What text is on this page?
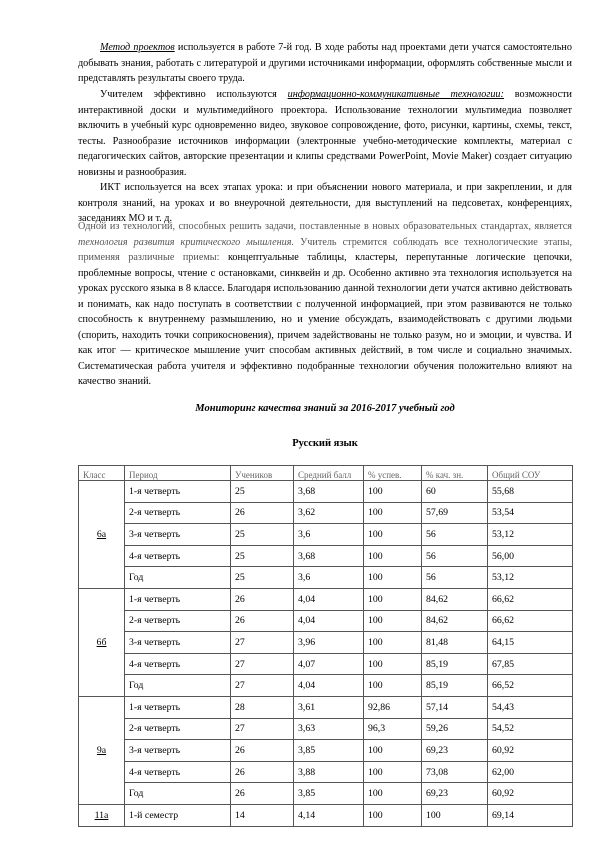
Метод проектов используется в работе 7-й год. В ходе работы над проектами дети учатся самостоятельно добывать знания, работать с литературой и другими источниками информации, оформлять собственные мысли и представлять результаты своего труда.

Учителем эффективно используются информационно-коммуникативные технологии: возможности интерактивной доски и мультимедийного проектора. Использование технологии мультимедиа позволяет включить в учебный курс одновременно видео, звуковое сопровождение, фото, рисунки, картины, схемы, текст, тесты. Разнообразие источников информации (электронные учебно-методические комплекты, материал с педагогических сайтов, авторские презентации и клипы средствами PowerPoint, Movie Maker) создает ситуацию новизны и разнообразия.

ИКТ используется на всех этапах урока: и при объяснении нового материала, и при закреплении, и для контроля знаний, на уроках и во внеурочной деятельности, для выступлений на педсоветах, конференциях, заседаниях МО и т. д.

Одной из технологий, способных решить задачи, поставленные в новых образовательных стандартах, является технология развития критического мышления. Учитель стремится соблюдать все технологические этапы, применяя различные приемы: концептуальные таблицы, кластеры, перепутанные логические цепочки, проблемные вопросы, чтение с остановками, синквейн и др. Особенно активно эта технология используется на уроках русского языка в 8 классе. Благодаря использованию данной технологии дети учатся активно действовать и понимать, как надо поступать в соответствии с полученной информацией, при этом развиваются не только способность к внутреннему размышлению, но и умение обсуждать, взаимодействовать с другими людьми (спорить, находить точки соприкосновения), причем задействованы не только разум, но и эмоции, и чувства. И как итог — критическое мышление учит способам активных действий, в том числе и социально значимых. Систематическая работа учителя и эффективно подобранные технологии обучения положительно влияют на качество знаний.

Мониторинг качества знаний за 2016-2017 учебный год

Русский язык

Класс	Период	Учеников	Средний балл	% успев.	% кач. зн.	Общий СОУ
6а	1-я четверть	25	3,68	100	60	55,68
	2-я четверть	26	3,62	100	57,69	53,54
	3-я четверть	25	3,6	100	56	53,12
	4-я четверть	25	3,68	100	56	56,00
	Год	25	3,6	100	56	53,12
6б	1-я четверть	26	4,04	100	84,62	66,62
	2-я четверть	26	4,04	100	84,62	66,62
	3-я четверть	27	3,96	100	81,48	64,15
	4-я четверть	27	4,07	100	85,19	67,85
	Год	27	4,04	100	85,19	66,52
9а	1-я четверть	28	3,61	92,86	57,14	54,43
	2-я четверть	27	3,63	96,3	59,26	54,52
	3-я четверть	26	3,85	100	69,23	60,92
	4-я четверть	26	3,88	100	73,08	62,00
	Год	26	3,85	100	69,23	60,92
11а	1-й семестр	14	4,14	100	100	69,14
